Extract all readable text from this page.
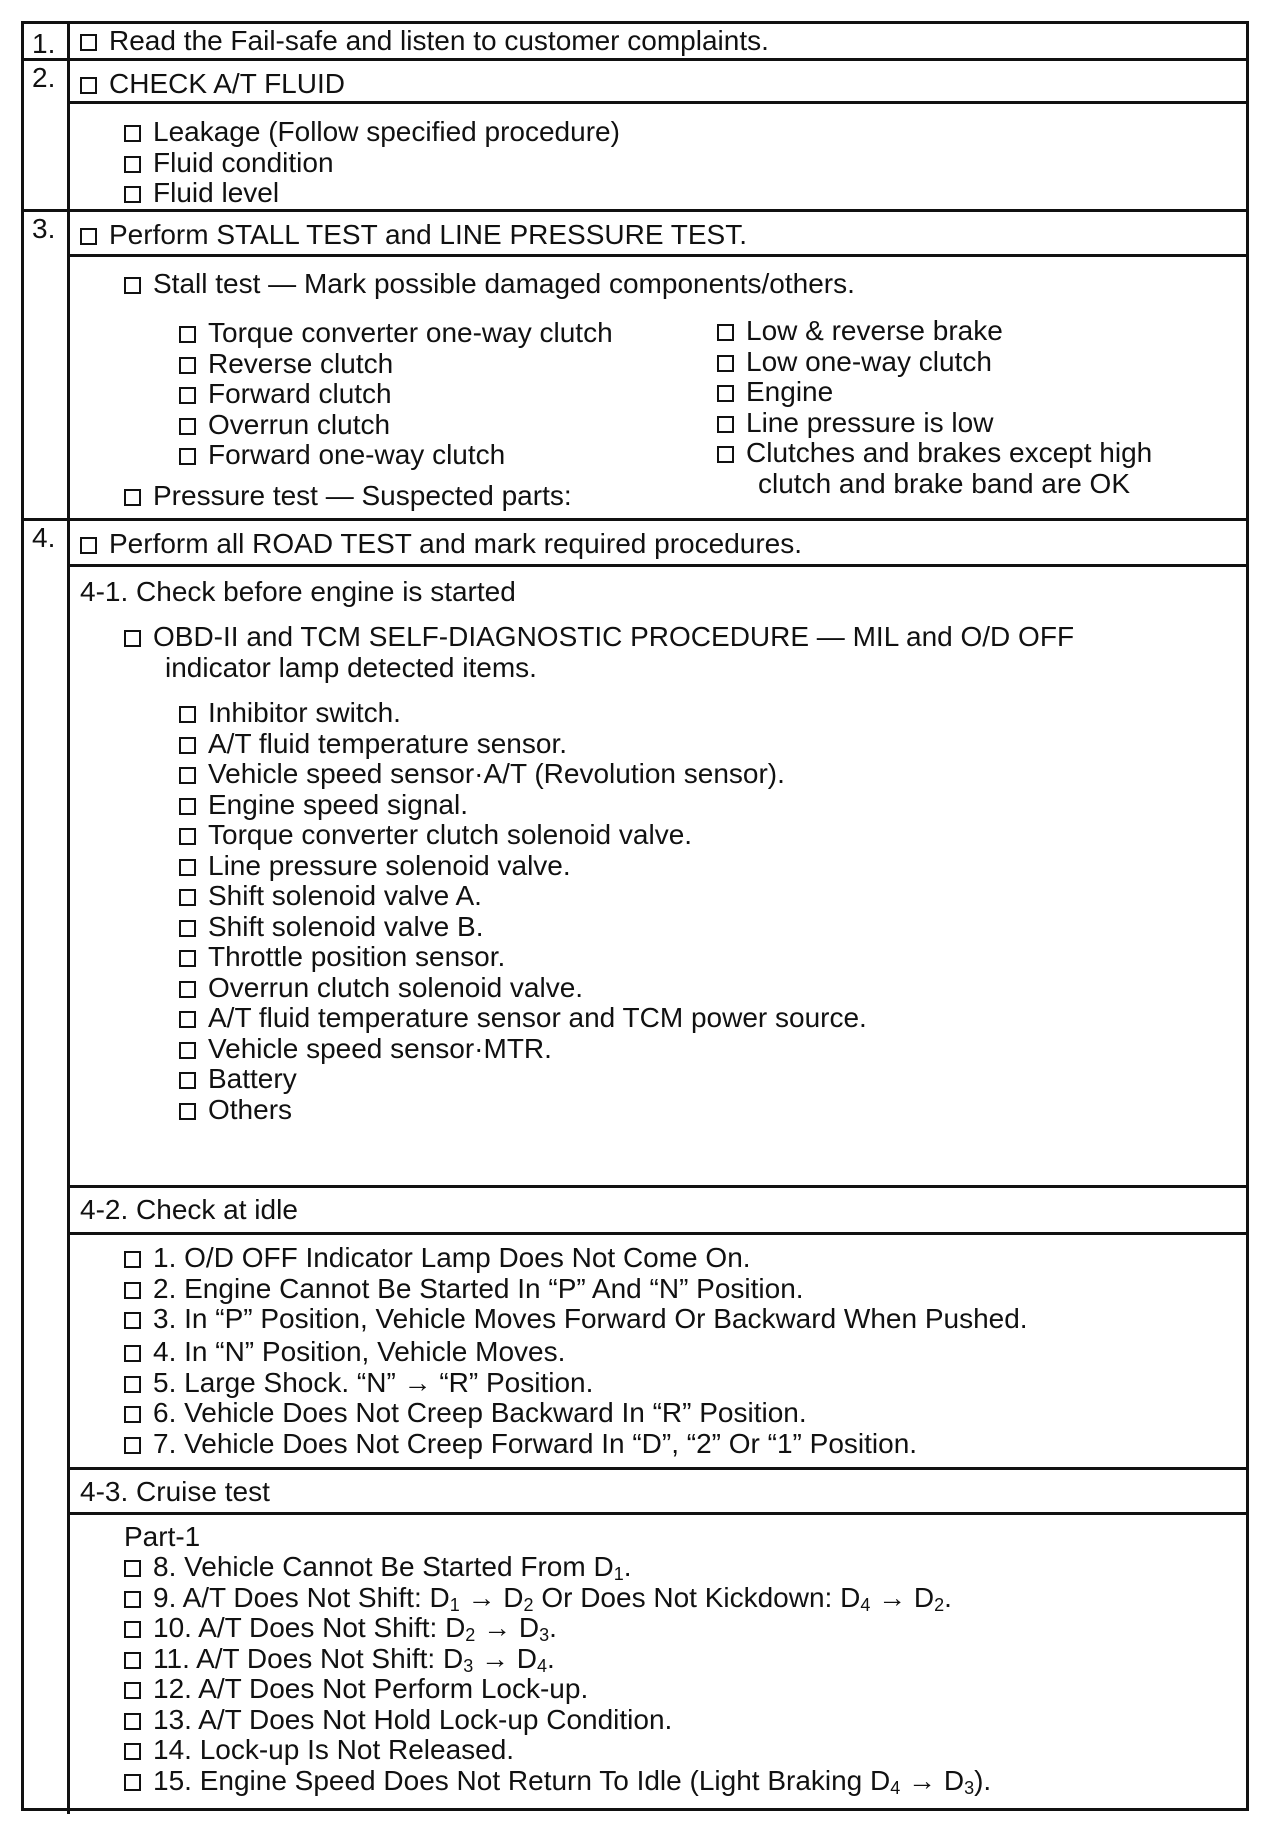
1.
2.
3.
4.
Read the Fail-safe and listen to customer complaints.
CHECK A/T FLUID
Leakage (Follow specified procedure)
Fluid condition
Fluid level
Perform STALL TEST and LINE PRESSURE TEST.
Stall test — Mark possible damaged components/others.
Torque converter one-way clutch
Reverse clutch
Forward clutch
Overrun clutch
Forward one-way clutch
Low & reverse brake
Low one-way clutch
Engine
Line pressure is low
Clutches and brakes except high
clutch and brake band are OK
Pressure test — Suspected parts:
Perform all ROAD TEST and mark required procedures.
4-1. Check before engine is started
OBD-II and TCM SELF-DIAGNOSTIC PROCEDURE — MIL and O/D OFF
indicator lamp detected items.
Inhibitor switch.
A/T fluid temperature sensor.
Vehicle speed sensor·A/T (Revolution sensor).
Engine speed signal.
Torque converter clutch solenoid valve.
Line pressure solenoid valve.
Shift solenoid valve A.
Shift solenoid valve B.
Throttle position sensor.
Overrun clutch solenoid valve.
A/T fluid temperature sensor and TCM power source.
Vehicle speed sensor·MTR.
Battery
Others
4-2. Check at idle
1. O/D OFF Indicator Lamp Does Not Come On.
2. Engine Cannot Be Started In “P” And “N” Position.
3. In “P” Position, Vehicle Moves Forward Or Backward When Pushed.
4. In “N” Position, Vehicle Moves.
5. Large Shock. “N” → “R” Position.
6. Vehicle Does Not Creep Backward In “R” Position.
7. Vehicle Does Not Creep Forward In “D”, “2” Or “1” Position.
4-3. Cruise test
Part-1
8. Vehicle Cannot Be Started From $D_1$.
9. A/T Does Not Shift: $D_1 \to D_2$ Or Does Not Kickdown: $D_4 \to D_2$.
10. A/T Does Not Shift: $D_2 \to D_3$.
11. A/T Does Not Shift: $D_3 \to D_4$.
12. A/T Does Not Perform Lock-up.
13. A/T Does Not Hold Lock-up Condition.
14. Lock-up Is Not Released.
15. Engine Speed Does Not Return To Idle (Light Braking $D_4 \to D_3$).
